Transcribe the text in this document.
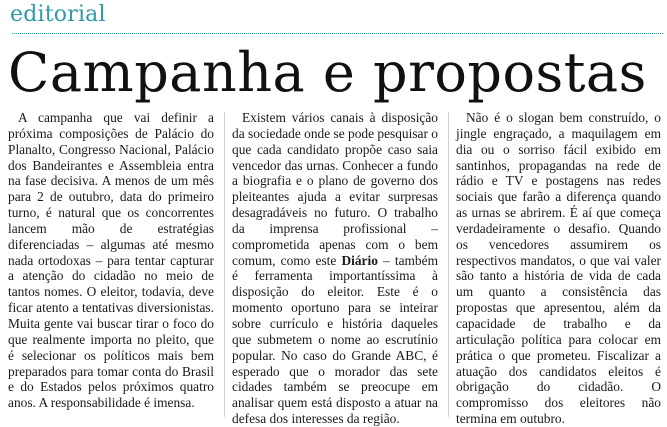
editorial
Campanha e propostas

A campanha que vai definir a próxima composições de Palácio do Planalto, Congresso Nacional, Palácio dos Bandeirantes e Assembleia entra na fase decisiva. A menos de um mês para 2 de outubro, data do primeiro turno, é natural que os concorrentes lancem mão de estratégias diferenciadas – algumas até mesmo nada ortodoxas – para tentar capturar a atenção do cidadão no meio de tantos nomes. O eleitor, todavia, deve ficar atento a tentativas diversionistas. Muita gente vai buscar tirar o foco do que realmente importa no pleito, que é selecionar os políticos mais bem preparados para tomar conta do Brasil e do Estados pelos próximos quatro anos. A responsabilidade é imensa.

Existem vários canais à disposição da sociedade onde se pode pesquisar o que cada candidato propõe caso saia vencedor das urnas. Conhecer a fundo a biografia e o plano de governo dos pleiteantes ajuda a evitar surpresas desagradáveis no futuro. O trabalho da imprensa profissional – comprometida apenas com o bem comum, como este Diário – também é ferramenta importantíssima à disposição do eleitor. Este é o momento oportuno para se inteirar sobre currículo e história daqueles que submetem o nome ao escrutínio popular. No caso do Grande ABC, é esperado que o morador das sete cidades também se preocupe em analisar quem está disposto a atuar na defesa dos interesses da região.

Não é o slogan bem construído, o jingle engraçado, a maquilagem em dia ou o sorriso fácil exibido em santinhos, propagandas na rede de rádio e TV e postagens nas redes sociais que farão a diferença quando as urnas se abrirem. É aí que começa verdadeiramente o desafio. Quando os vencedores assumirem os respectivos mandatos, o que vai valer são tanto a história de vida de cada um quanto a consistência das propostas que apresentou, além da capacidade de trabalho e da articulação política para colocar em prática o que prometeu. Fiscalizar a atuação dos candidatos eleitos é obrigação do cidadão. O compromisso dos eleitores não termina em outubro.
